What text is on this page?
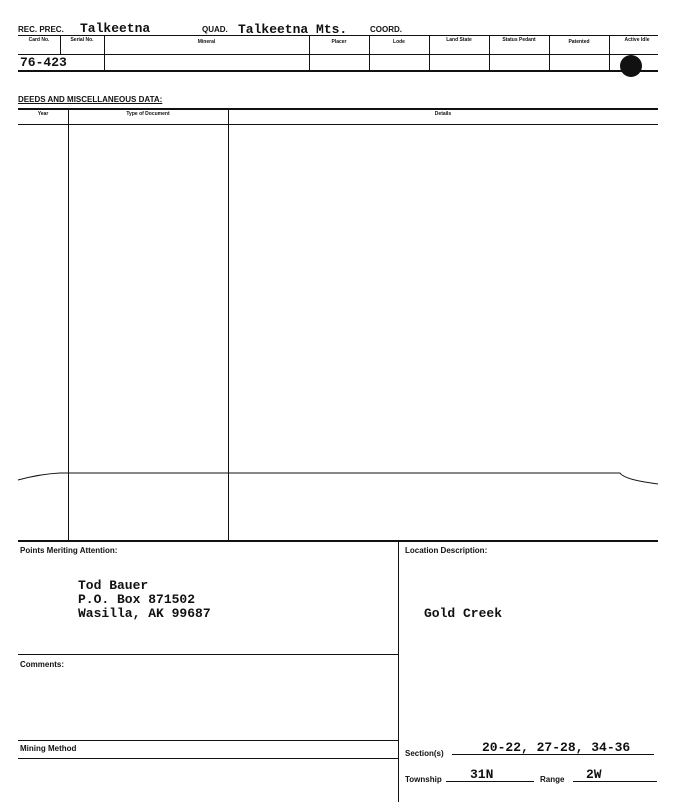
REC. PREC. Talkeetna	QUAD. Talkeetna Mts.	COORD.
Card No.	Serial No.	Mineral	Placer	Lode	Land State	Status Pedant	Patented	Active Idle
76-423
DEEDS AND MISCELLANEOUS DATA:
Year	Type of Document	Details
Points Meriting Attention:
Tod Bauer
P.O. Box 871502
Wasilla, AK 99687
Comments:
Mining Method
Location Description:
Gold Creek
Section(s)	20-22, 27-28, 34-36
Township 31N	Range 2W
